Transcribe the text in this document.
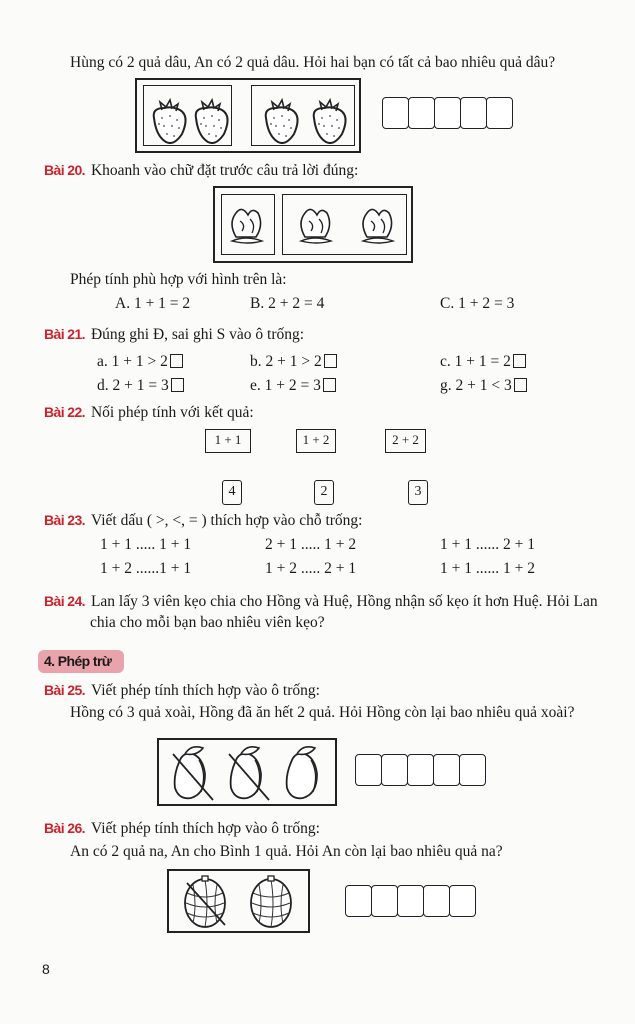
Hùng có 2 quả dâu, An có 2 quả dâu. Hỏi hai bạn có tất cả bao nhiêu quả dâu?
Bài 20. Khoanh vào chữ đặt trước câu trả lời đúng:
Phép tính phù hợp với hình trên là:
A. 1 + 1 = 2	B. 2 + 2 = 4	C. 1 + 2 = 3
Bài 21. Đúng ghi Đ, sai ghi S vào ô trống:
a. 1 + 1 > 2	b. 2 + 1 > 2	c. 1 + 1 = 2
d. 2 + 1 = 3	e. 1 + 2 = 3	g. 2 + 1 < 3
Bài 22. Nối phép tính với kết quả:
1 + 1	1 + 2	2 + 2
4	2	3
Bài 23. Viết dấu ( >, <, = ) thích hợp vào chỗ trống:
1 + 1 ..... 1 + 1	2 + 1 ..... 1 + 2	1 + 1 ...... 2 + 1
1 + 2 ......1 + 1	1 + 2 ..... 2 + 1	1 + 1 ...... 1 + 2
Bài 24. Lan lấy 3 viên kẹo chia cho Hồng và Huệ, Hồng nhận số kẹo ít hơn Huệ. Hỏi Lan
chia cho mỗi bạn bao nhiêu viên kẹo?
4. Phép trừ
Bài 25. Viết phép tính thích hợp vào ô trống:
Hồng có 3 quả xoài, Hồng đã ăn hết 2 quả. Hỏi Hồng còn lại bao nhiêu quả xoài?
Bài 26. Viết phép tính thích hợp vào ô trống:
An có 2 quả na, An cho Bình 1 quả. Hỏi An còn lại bao nhiêu quả na?
8
